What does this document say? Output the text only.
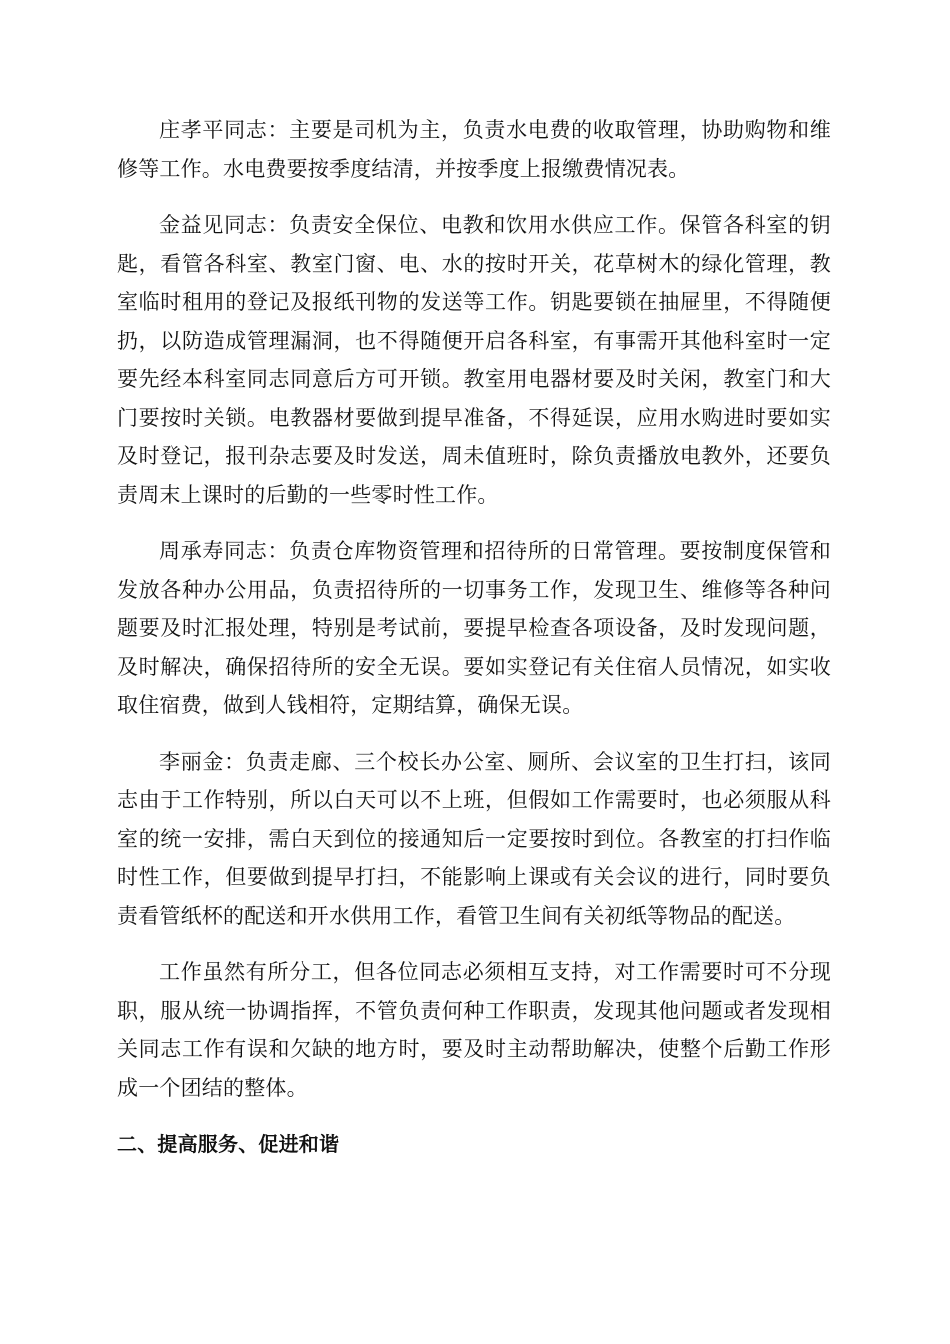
庄孝平同志：主要是司机为主，负责水电费的收取管理，协助购物和维修等工作。水电费要按季度结清，并按季度上报缴费情况表。

金益见同志：负责安全保位、电教和饮用水供应工作。保管各科室的钥匙，看管各科室、教室门窗、电、水的按时开关，花草树木的绿化管理，教室临时租用的登记及报纸刊物的发送等工作。钥匙要锁在抽屉里，不得随便扔，以防造成管理漏洞，也不得随便开启各科室，有事需开其他科室时一定要先经本科室同志同意后方可开锁。教室用电器材要及时关闲，教室门和大门要按时关锁。电教器材要做到提早准备，不得延误，应用水购进时要如实及时登记，报刊杂志要及时发送，周未值班时，除负责播放电教外，还要负责周末上课时的后勤的一些零时性工作。

周承寿同志：负责仓库物资管理和招待所的日常管理。要按制度保管和发放各种办公用品，负责招待所的一切事务工作，发现卫生、维修等各种问题要及时汇报处理，特别是考试前，要提早检查各项设备，及时发现问题，及时解决，确保招待所的安全无误。要如实登记有关住宿人员情况，如实收取住宿费，做到人钱相符，定期结算，确保无误。

李丽金：负责走廊、三个校长办公室、厕所、会议室的卫生打扫，该同志由于工作特别，所以白天可以不上班，但假如工作需要时，也必须服从科室的统一安排，需白天到位的接通知后一定要按时到位。各教室的打扫作临时性工作，但要做到提早打扫，不能影响上课或有关会议的进行，同时要负责看管纸杯的配送和开水供用工作，看管卫生间有关初纸等物品的配送。

工作虽然有所分工，但各位同志必须相互支持，对工作需要时可不分现职，服从统一协调指挥，不管负责何种工作职责，发现其他问题或者发现相关同志工作有误和欠缺的地方时，要及时主动帮助解决，使整个后勤工作形成一个团结的整体。

二、提高服务、促进和谐
